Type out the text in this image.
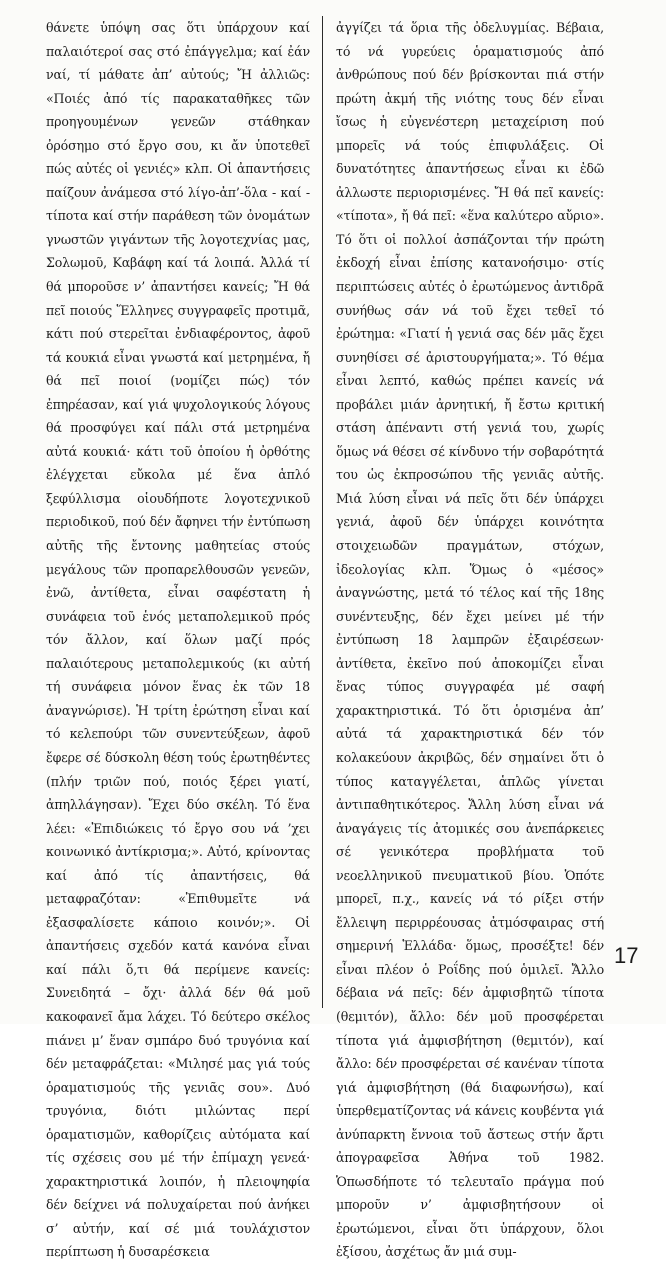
θάνετε ὑπόψη σας ὅτι ὑπάρχουν καί παλαιότεροί σας στό ἐπάγγελμα; καί ἐάν ναί, τί μάθατε ἀπ’ αὐτούς; Ἤ ἀλλιῶς: «Ποιές ἀπό τίς παρακαταθῆκες τῶν προηγουμένων γενεῶν στάθηκαν ὀρόσημο στό ἔργο σου, κι ἄν ὑποτεθεῖ πώς αὐτές οἱ γενιές» κλπ. Οἱ ἀπαντήσεις παίζουν ἀνάμεσα στό λίγο-ἀπ’-ὅλα - καί - τίποτα καί στήν παράθεση τῶν ὀνομάτων γνωστῶν γιγάντων τῆς λογοτεχνίας μας, Σολωμοῦ, Καβάφη καί τά λοιπά. Ἀλλά τί θά μποροῦσε ν’ ἀπαντήσει κανείς; Ἤ θά πεῖ ποιούς Ἕλληνες συγγραφεῖς προτιμᾶ, κάτι πού στερεῖται ἐνδιαφέροντος, ἀφοῦ τά κουκιά εἶναι γνωστά καί μετρημένα, ἤ θά πεῖ ποιοί (νομίζει πώς) τόν ἐπηρέασαν, καί γιά ψυχολογικούς λόγους θά προσφύγει καί πάλι στά μετρημένα αὐτά κουκιά· κάτι τοῦ ὁποίου ἡ ὀρθότης ἐλέγχεται εὔκολα μέ ἕνα ἁπλό ξεφύλλισμα οἱουδήποτε λογοτεχνικοῦ περιοδικοῦ, πού δέν ἄφηνει τήν ἐντύπωση αὐτῆς τῆς ἔντονης μαθητείας στούς μεγάλους τῶν προπαρελθουσῶν γενεῶν, ἐνῶ, ἀντίθετα, εἶναι σαφέστατη ἡ συνάφεια τοῦ ἑνός μεταπολεμικοῦ πρός τόν ἄλλον, καί ὅλων μαζί πρός παλαιότερους μεταπολεμικούς (κι αὐτή τή συνάφεια μόνον ἕνας ἐκ τῶν 18 ἀναγνώρισε). Ἡ τρίτη ἐρώτηση εἶναι καί τό κελεπούρι τῶν συνεντεύξεων, ἀφοῦ ἔφερε σέ δύσκολη θέση τούς ἐρωτηθέντες (πλήν τριῶν πού, ποιός ξέρει γιατί, ἀπηλλάγησαν). Ἔχει δύο σκέλη. Τό ἕνα λέει: «Ἐπιδιώκεις τό ἔργο σου νά ’χει κοινωνικό ἀντίκρισμα;». Αὐτό, κρίνοντας καί ἀπό τίς ἀπαντήσεις, θά μεταφραζόταν: «Ἐπιθυμεῖτε νά ἐξασφαλίσετε κάποιο κοινόν;». Οἱ ἀπαντήσεις σχεδόν κατά κανόνα εἶναι καί πάλι ὅ,τι θά περίμενε κανείς: Συνειδητά – ὄχι· ἀλλά δέν θά μοῦ κακοφανεῖ ἄμα λάχει. Τό δεύτερο σκέλος πιάνει μ’ ἕναν σμπάρο δυό τρυγόνια καί δέν μεταφράζεται: «Μιλησέ μας γιά τούς ὁραματισμούς τῆς γενιᾶς σου». Δυό τρυγόνια, διότι μιλώντας περί ὁραματισμῶν, καθορίζεις αὐτόματα καί τίς σχέσεις σου μέ τήν ἐπίμαχη γενεά· χαρακτηριστικά λοιπόν, ἡ πλειοψηφία δέν δείχνει νά πολυχαίρεται πού ἀνήκει σ’ αὐτήν, καί σέ μιά τουλάχιστον περίπτωση ἡ δυσαρέσκεια

ἀγγίζει τά ὅρια τῆς ὀδελυγμίας. Βέβαια, τό νά γυρεύεις ὁραματισμούς ἀπό ἀνθρώπους πού δέν βρίσκονται πιά στήν πρώτη ἀκμή τῆς νιότης τους δέν εἶναι ἴσως ἡ εὐγενέστερη μεταχείριση πού μπορεῖς νά τούς ἐπιφυλάξεις. Οἱ δυνατότητες ἀπαντήσεως εἶναι κι ἐδῶ ἀλλωστε περιορισμένες. Ἤ θά πεῖ κανείς: «τίποτα», ἤ θά πεῖ: «ἕνα καλύτερο αὔριο». Τό ὅτι οἱ πολλοί ἀσπάζονται τήν πρώτη ἐκδοχή εἶναι ἐπίσης κατανοήσιμο· στίς περιπτώσεις αὐτές ὁ ἐρωτώμενος ἀντιδρᾶ συνήθως σάν νά τοῦ ἔχει τεθεῖ τό ἐρώτημα: «Γιατί ἡ γενιά σας δέν μᾶς ἔχει συνηθίσει σέ ἀριστουργήματα;». Τό θέμα εἶναι λεπτό, καθώς πρέπει κανείς νά προβάλει μιάν ἀρνητική, ἤ ἔστω κριτική στάση ἀπέναντι στή γενιά του, χωρίς ὅμως νά θέσει σέ κίνδυνο τήν σοβαρότητά του ὡς ἐκπροσώπου τῆς γενιᾶς αὐτῆς. Μιά λύση εἶναι νά πεῖς ὅτι δέν ὑπάρχει γενιά, ἀφοῦ δέν ὑπάρχει κοινότητα στοιχειωδῶν πραγμάτων, στόχων, ἰδεολογίας κλπ. Ὅμως ὁ «μέσος» ἀναγνώστης, μετά τό τέλος καί τῆς 18ης συνέντευξης, δέν ἔχει μείνει μέ τήν ἐντύπωση 18 λαμπρῶν ἐξαιρέσεων· ἀντίθετα, ἐκεῖνο πού ἀποκομίζει εἶναι ἕνας τύπος συγγραφέα μέ σαφή χαρακτηριστικά. Τό ὅτι ὁρισμένα ἀπ’ αὐτά τά χαρακτηριστικά δέν τόν κολακεύουν ἀκριβῶς, δέν σημαίνει ὅτι ὁ τύπος καταγγέλεται, ἁπλῶς γίνεται ἀντιπαθητικότερος. Ἄλλη λύση εἶναι νά ἀναγάγεις τίς ἀτομικές σου ἀνεπάρκειες σέ γενικότερα προβλήματα τοῦ νεοελληνικοῦ πνευματικοῦ βίου. Ὁπότε μπορεῖ, π.χ., κανείς νά τό ρίξει στήν ἔλλειψη περιρρέουσας ἀτμόσφαιρας στή σημερινή Ἑλλάδα· ὅμως, προσέξτε! δέν εἶναι πλέον ὁ Ροΐδης πού ὁμιλεῖ. Ἄλλο δέβαια νά πεῖς: δέν ἀμφισβητῶ τίποτα (θεμιτόν), ἄλλο: δέν μοῦ προσφέρεται τίποτα γιά ἀμφισβήτηση (θεμιτόν), καί ἄλλο: δέν προσφέρεται σέ κανέναν τίποτα γιά ἀμφισβήτηση (θά διαφωνήσω), καί ὑπερθεματίζοντας νά κάνεις κουβέντα γιά ἀνύπαρκτη ἔννοια τοῦ ἄστεως στήν ἄρτι ἀπογραφεῖσα Ἀθήνα τοῦ 1982. Ὁπωσδήποτε τό τελευταῖο πράγμα πού μποροῦν ν’ ἀμφισβητήσουν οἱ ἐρωτώμενοι, εἶναι ὅτι ὑπάρχουν, ὅλοι ἐξίσου, ἀσχέτως ἄν μιά συμ-

17
